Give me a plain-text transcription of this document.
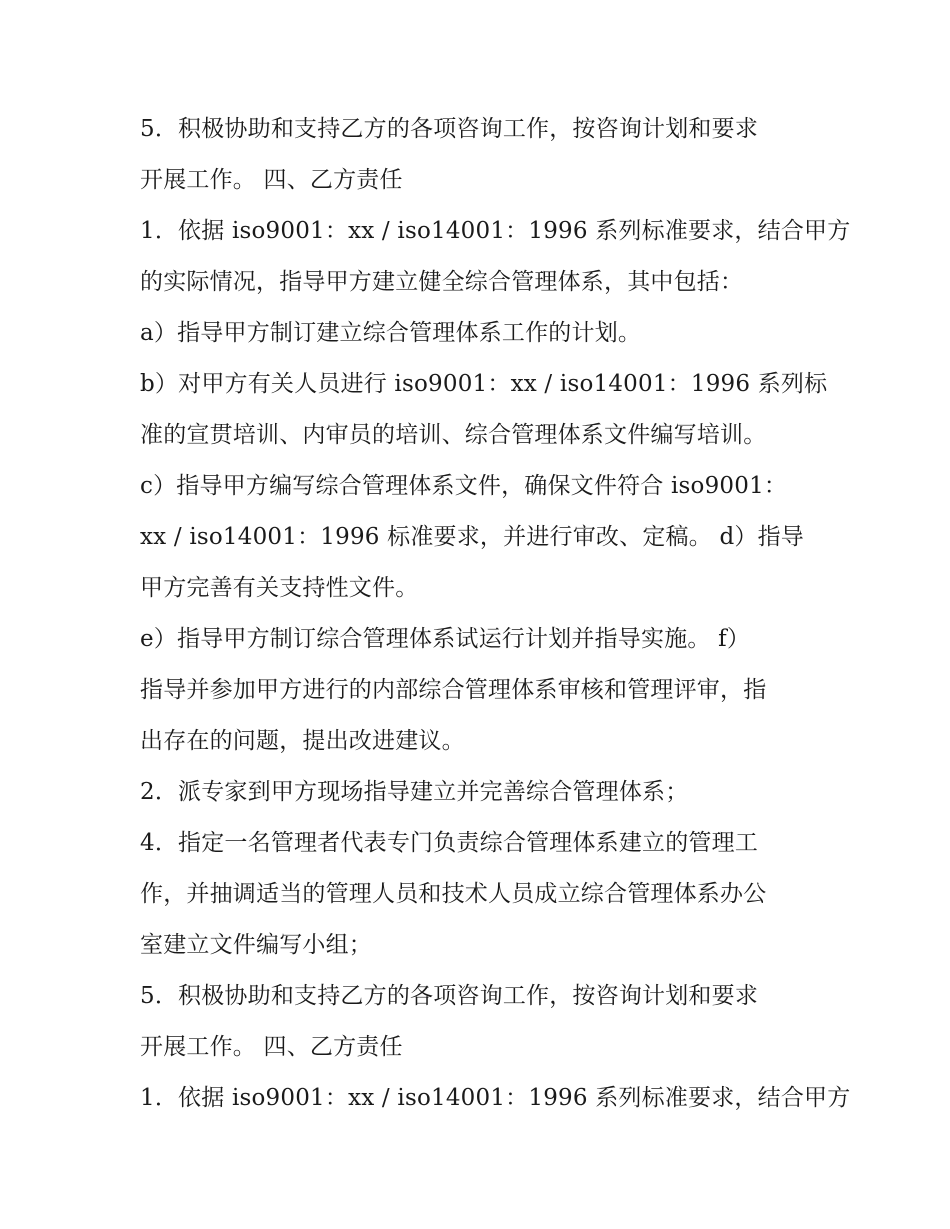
5．积极协助和支持乙方的各项咨询工作，按咨询计划和要求
开展工作。 四、乙方责任
1．依据 iso9001：xx / iso14001：1996 系列标准要求，结合甲方
的实际情况，指导甲方建立健全综合管理体系，其中包括：
a）指导甲方制订建立综合管理体系工作的计划。
b）对甲方有关人员进行 iso9001：xx / iso14001：1996 系列标
准的宣贯培训、内审员的培训、综合管理体系文件编写培训。
c）指导甲方编写综合管理体系文件，确保文件符合 iso9001：
xx / iso14001：1996 标准要求，并进行审改、定稿。 d）指导
甲方完善有关支持性文件。
e）指导甲方制订综合管理体系试运行计划并指导实施。 f）
指导并参加甲方进行的内部综合管理体系审核和管理评审，指
出存在的问题，提出改进建议。
2．派专家到甲方现场指导建立并完善综合管理体系；
4．指定一名管理者代表专门负责综合管理体系建立的管理工
作，并抽调适当的管理人员和技术人员成立综合管理体系办公
室建立文件编写小组；
5．积极协助和支持乙方的各项咨询工作，按咨询计划和要求
开展工作。 四、乙方责任
1．依据 iso9001：xx / iso14001：1996 系列标准要求，结合甲方
